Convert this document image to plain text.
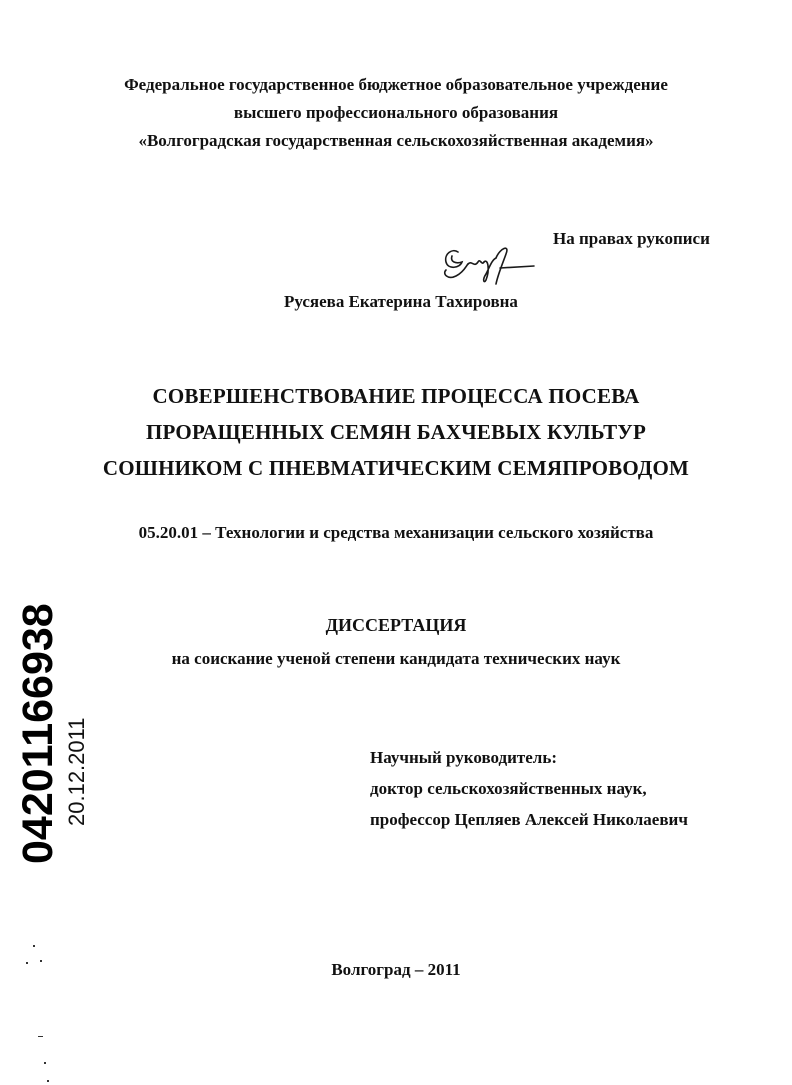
Федеральное государственное бюджетное образовательное учреждение
высшего профессионального образования
«Волгоградская государственная сельскохозяйственная академия»
На правах рукописи
Русяева Екатерина Тахировна
СОВЕРШЕНСТВОВАНИЕ ПРОЦЕССА ПОСЕВА
ПРОРАЩЕННЫХ СЕМЯН БАХЧЕВЫХ КУЛЬТУР
СОШНИКОМ С ПНЕВМАТИЧЕСКИМ СЕМЯПРОВОДОМ
05.20.01 – Технологии и средства механизации сельского хозяйства
ДИССЕРТАЦИЯ
на соискание ученой степени кандидата технических наук
Научный руководитель:
доктор сельскохозяйственных наук,
профессор Цепляев Алексей Николаевич
Волгоград – 2011
04201166938 20.12.2011
